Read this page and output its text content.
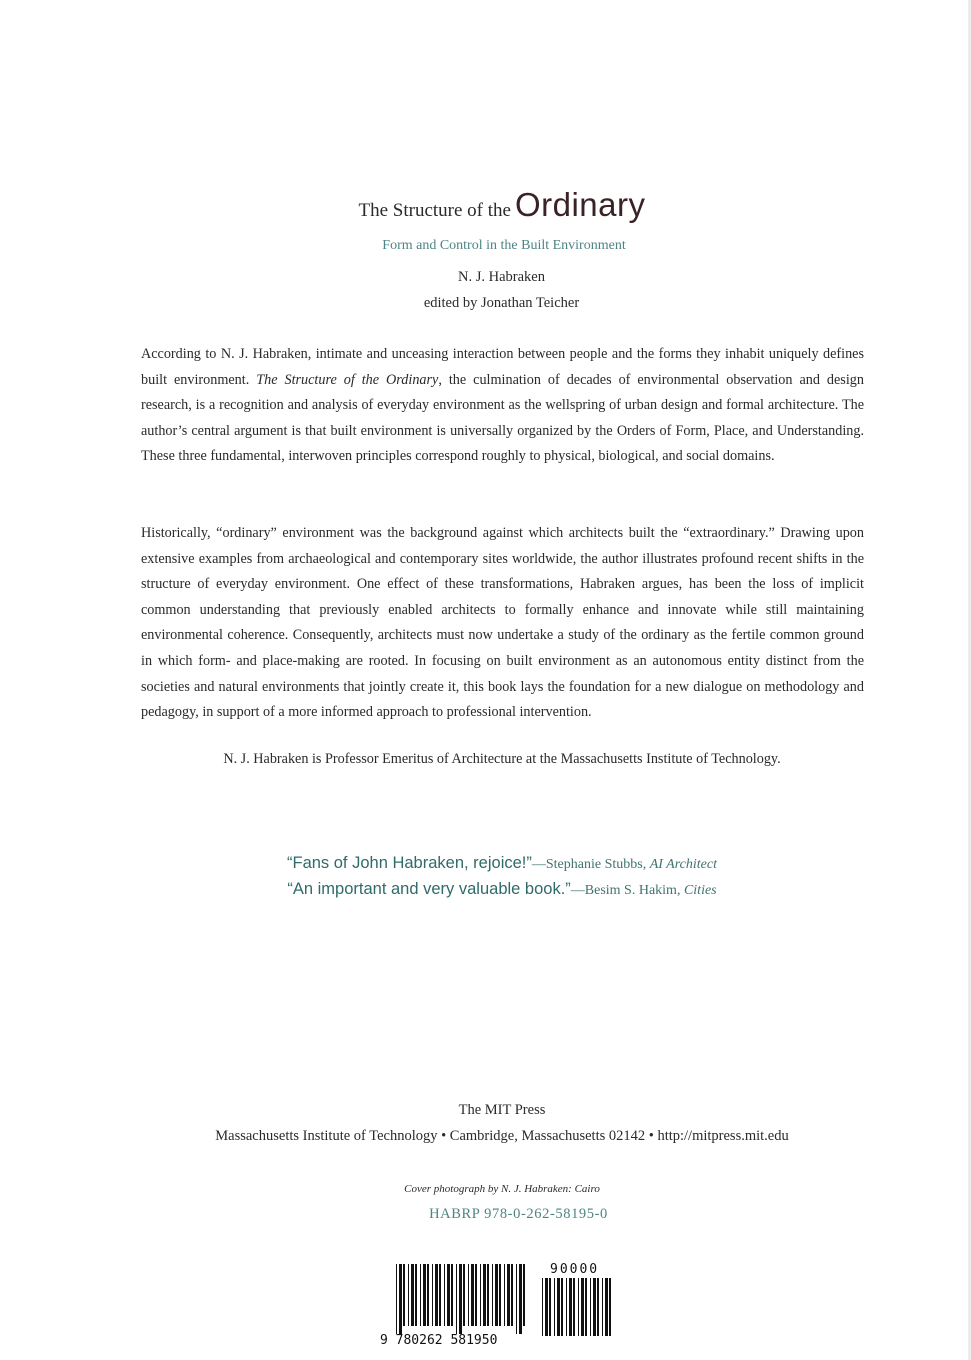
The Structure of the Ordinary
Form and Control in the Built Environment
N. J. Habraken
edited by Jonathan Teicher

According to N. J. Habraken, intimate and unceasing interaction between people and the forms they inhabit uniquely defines built environment. The Structure of the Ordinary, the culmination of decades of environmental observation and design research, is a recognition and analysis of everyday environment as the wellspring of urban design and formal architecture. The author’s central argument is that built environment is universally organized by the Orders of Form, Place, and Understanding. These three fundamental, interwoven principles correspond roughly to physical, biological, and social domains.

Historically, “ordinary” environment was the background against which architects built the “extraordinary.” Drawing upon extensive examples from archaeological and contemporary sites worldwide, the author illustrates profound recent shifts in the structure of everyday environment. One effect of these transformations, Habraken argues, has been the loss of implicit common understanding that previously enabled architects to formally enhance and innovate while still maintaining environmental coherence. Consequently, architects must now undertake a study of the ordinary as the fertile common ground in which form- and place-making are rooted. In focusing on built environment as an autonomous entity distinct from the societies and natural environments that jointly create it, this book lays the foundation for a new dialogue on methodology and pedagogy, in support of a more informed approach to professional intervention.

N. J. Habraken is Professor Emeritus of Architecture at the Massachusetts Institute of Technology.
“Fans of John Habraken, rejoice!”—Stephanie Stubbs, AI Architect
“An important and very valuable book.”—Besim S. Hakim, Cities
The MIT Press
Massachusetts Institute of Technology • Cambridge, Massachusetts 02142 • http://mitpress.mit.edu
Cover photograph by N. J. Habraken: Cairo
HABRP 978-0-262-58195-0
9 780262 581950
90000
